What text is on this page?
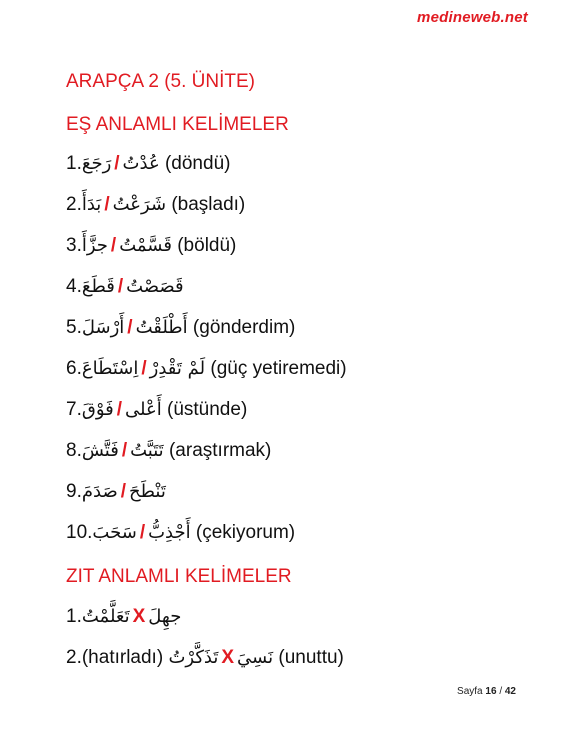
medineweb.net
ARAPÇA 2 (5. ÜNİTE)
EŞ ANLAMLI KELİMELER
1.رَجَعَ / عُدْتُ (döndü)
2.بَدَأَ / شَرَعْتُ (başladı)
3.جزَّأَ / قَسَّمْتُ (böldü)
4.قَطَعَ / قَصَصْتُ
5.أَرْسَلَ / أَطْلَقْتُ (gönderdim)
6.اِسْتَطَاعَ / لَمْ تَقْدِرْ (güç yetiremedi)
7.فَوْقَ / أَعْلى (üstünde)
8.فَتَّشَ / تَتَبَّتُ (araştırmak)
9.صَدَمَ / تَنْطَحَ
10.سَحَبَ / أَجْذِبُّ (çekiyorum)
ZIT ANLAMLI KELİMELER
1.تَعَلَّمْتُ X جهِلَ
2.(hatırladı) تَذَكَّرْتُ X نَسِيَ (unuttu)
Sayfa 16 / 42
